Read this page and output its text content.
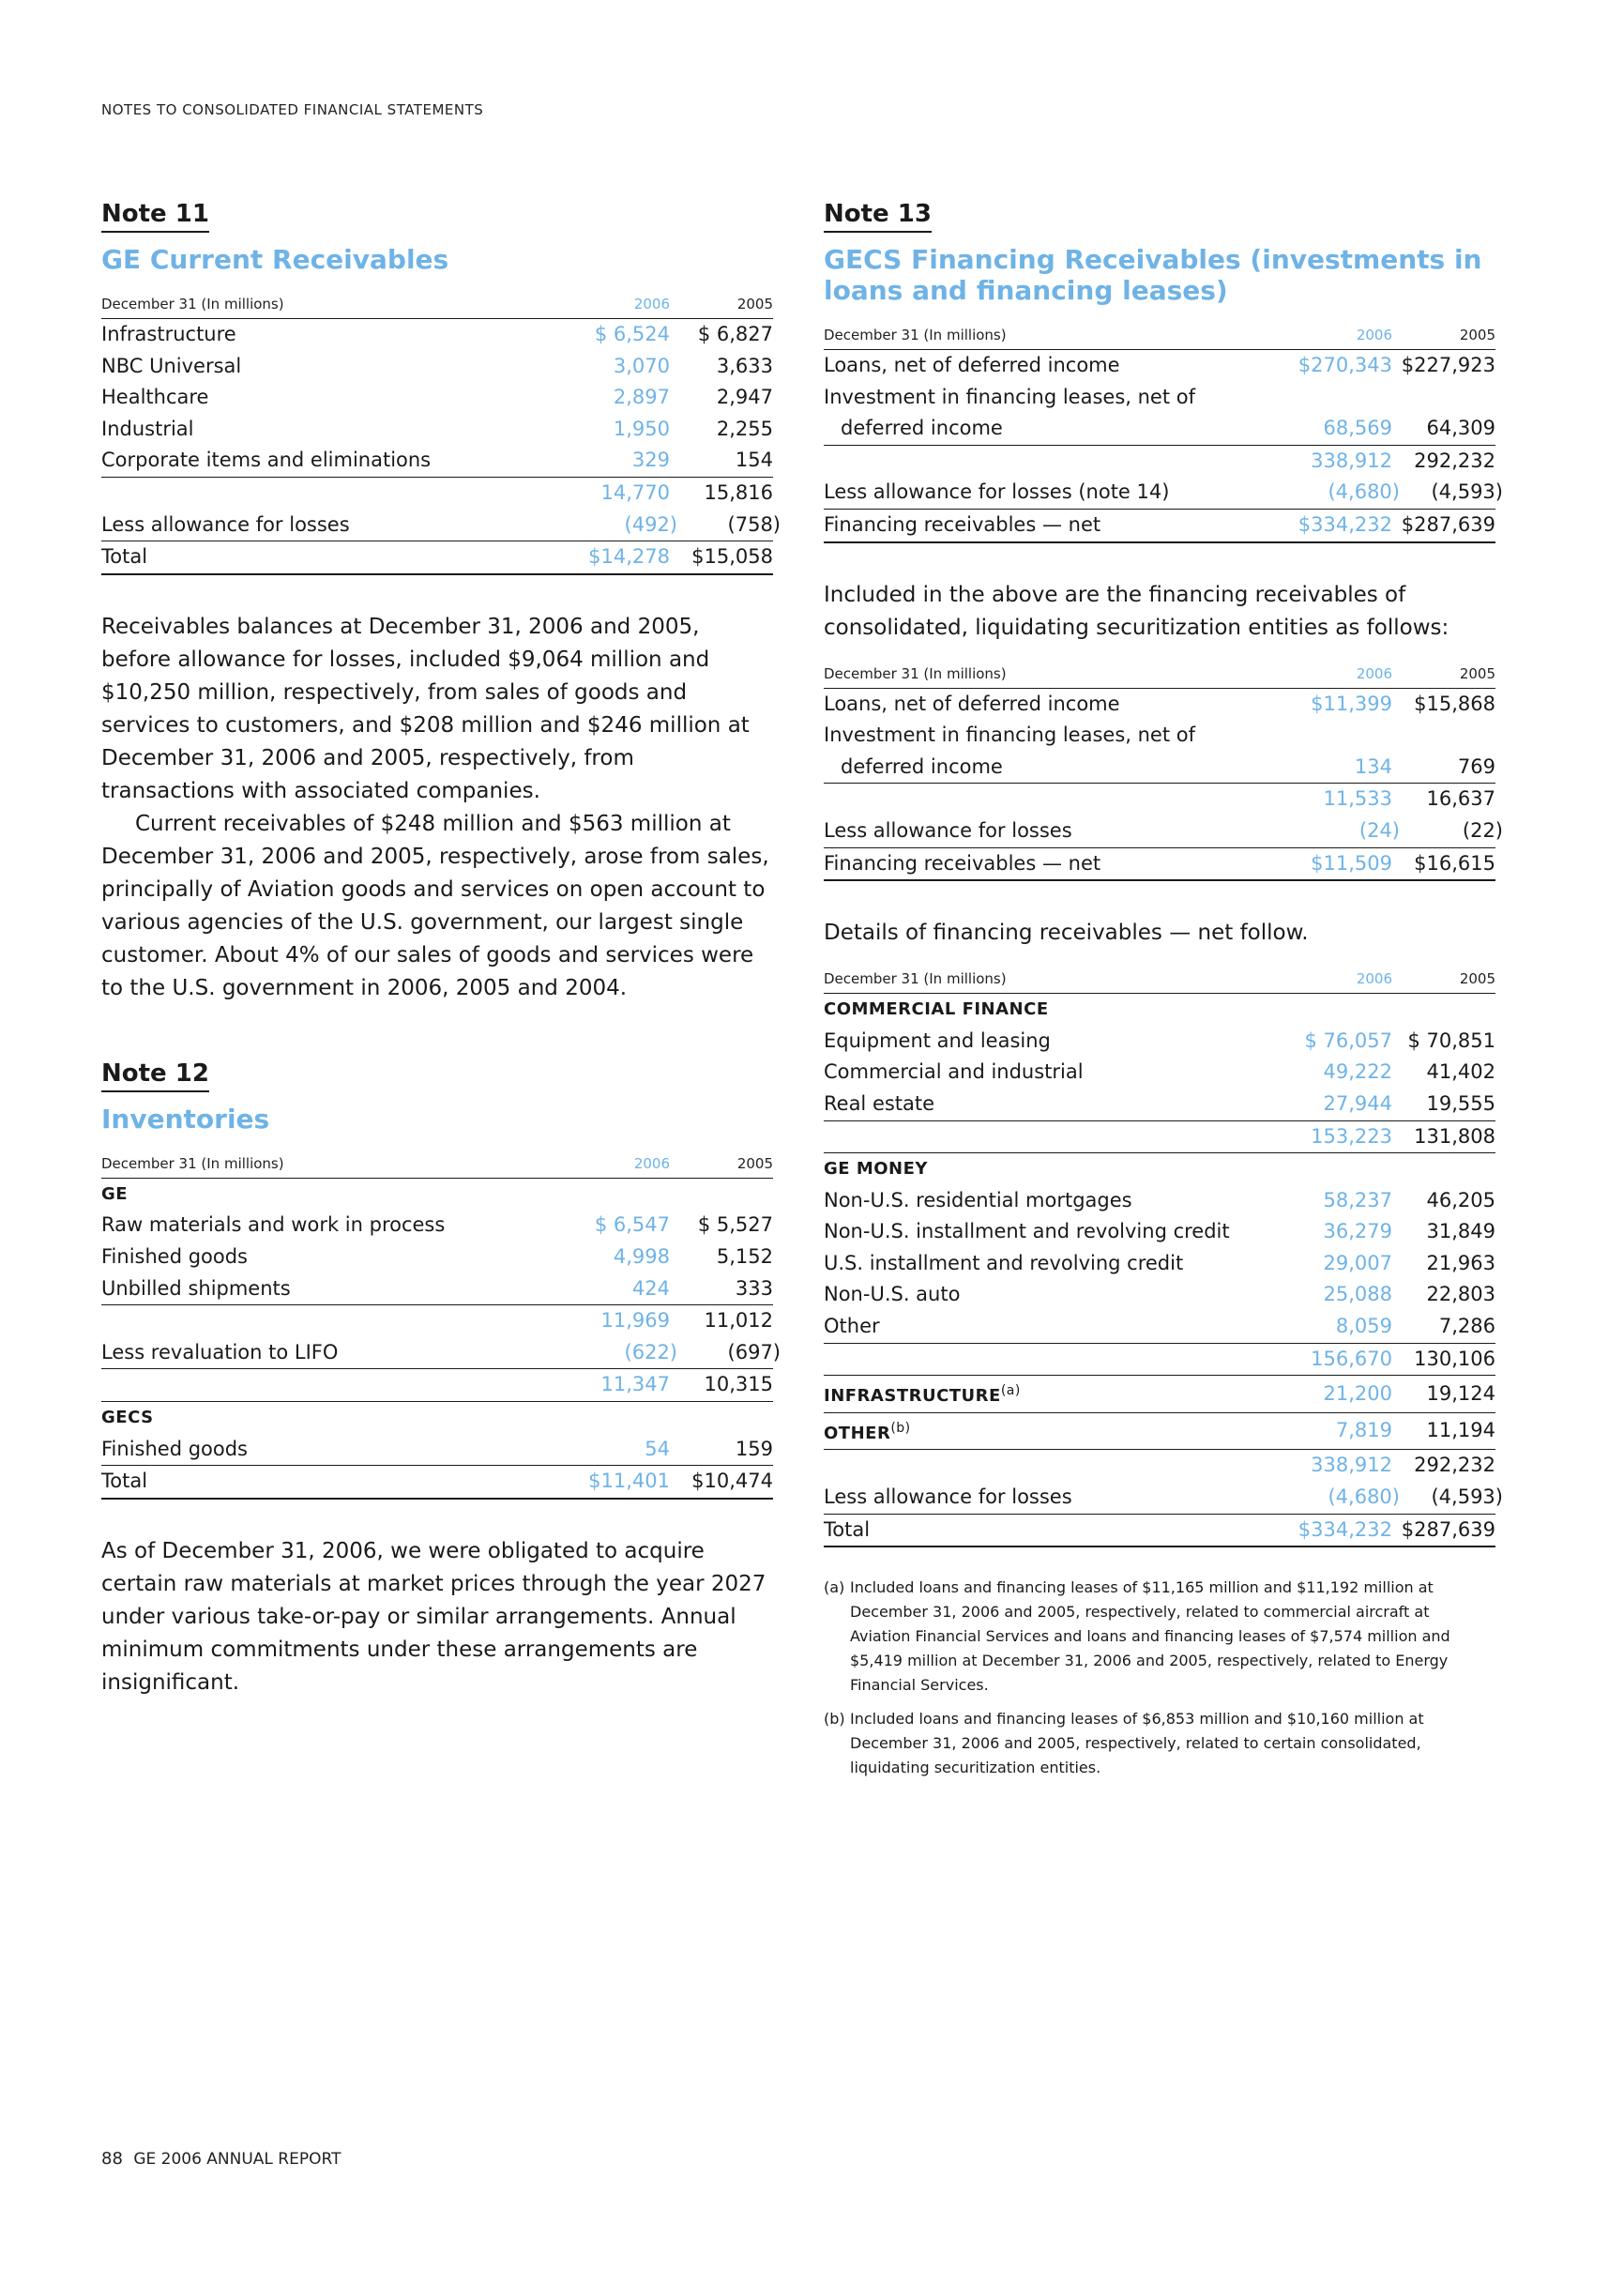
NOTES TO CONSOLIDATED FINANCIAL STATEMENTS
Note 11
GE Current Receivables
December 31 (In millions)	2006	2005
Infrastructure	$ 6,524	$ 6,827
NBC Universal	3,070	3,633
Healthcare	2,897	2,947
Industrial	1,950	2,255
Corporate items and eliminations	329	154
	14,770	15,816
Less allowance for losses	(492)	(758)
Total	$14,278	$15,058

Receivables balances at December 31, 2006 and 2005, before allowance for losses, included $9,064 million and $10,250 million, respectively, from sales of goods and services to customers, and $208 million and $246 million at December 31, 2006 and 2005, respectively, from transactions with associated companies.

Current receivables of $248 million and $563 million at December 31, 2006 and 2005, respectively, arose from sales, principally of Aviation goods and services on open account to various agencies of the U.S. government, our largest single customer. About 4% of our sales of goods and services were to the U.S. government in 2006, 2005 and 2004.

Note 12
Inventories
December 31 (In millions)	2006	2005
GE		
Raw materials and work in process	$ 6,547	$ 5,527
Finished goods	4,998	5,152
Unbilled shipments	424	333
	11,969	11,012
Less revaluation to LIFO	(622)	(697)
	11,347	10,315
GECS		
Finished goods	54	159
Total	$11,401	$10,474

As of December 31, 2006, we were obligated to acquire certain raw materials at market prices through the year 2027 under various take-or-pay or similar arrangements. Annual minimum commitments under these arrangements are insignificant.

Note 13
GECS Financing Receivables (investments in loans and financing leases)
December 31 (In millions)	2006	2005
Loans, net of deferred income	$270,343	$227,923
Investment in financing leases, net of		
deferred income	68,569	64,309
	338,912	292,232
Less allowance for losses (note 14)	(4,680)	(4,593)
Financing receivables — net	$334,232	$287,639

Included in the above are the financing receivables of consolidated, liquidating securitization entities as follows:

December 31 (In millions)	2006	2005
Loans, net of deferred income	$11,399	$15,868
Investment in financing leases, net of		
deferred income	134	769
	11,533	16,637
Less allowance for losses	(24)	(22)
Financing receivables — net	$11,509	$16,615

Details of financing receivables — net follow.

December 31 (In millions)	2006	2005
COMMERCIAL FINANCE		
Equipment and leasing	$ 76,057	$ 70,851
Commercial and industrial	49,222	41,402
Real estate	27,944	19,555
	153,223	131,808
GE MONEY		
Non-U.S. residential mortgages	58,237	46,205
Non-U.S. installment and revolving credit	36,279	31,849
U.S. installment and revolving credit	29,007	21,963
Non-U.S. auto	25,088	22,803
Other	8,059	7,286
	156,670	130,106
INFRASTRUCTURE$^{(a)}$	21,200	19,124
OTHER$^{(b)}$	7,819	11,194
	338,912	292,232
Less allowance for losses	(4,680)	(4,593)
Total	$334,232	$287,639
(a) Included loans and financing leases of $11,165 million and $11,192 million at December 31, 2006 and 2005, respectively, related to commercial aircraft at Aviation Financial Services and loans and financing leases of $7,574 million and $5,419 million at December 31, 2006 and 2005, respectively, related to Energy Financial Services.
(b) Included loans and financing leases of $6,853 million and $10,160 million at December 31, 2006 and 2005, respectively, related to certain consolidated, liquidating securitization entities.
88 GE 2006 ANNUAL REPORT
